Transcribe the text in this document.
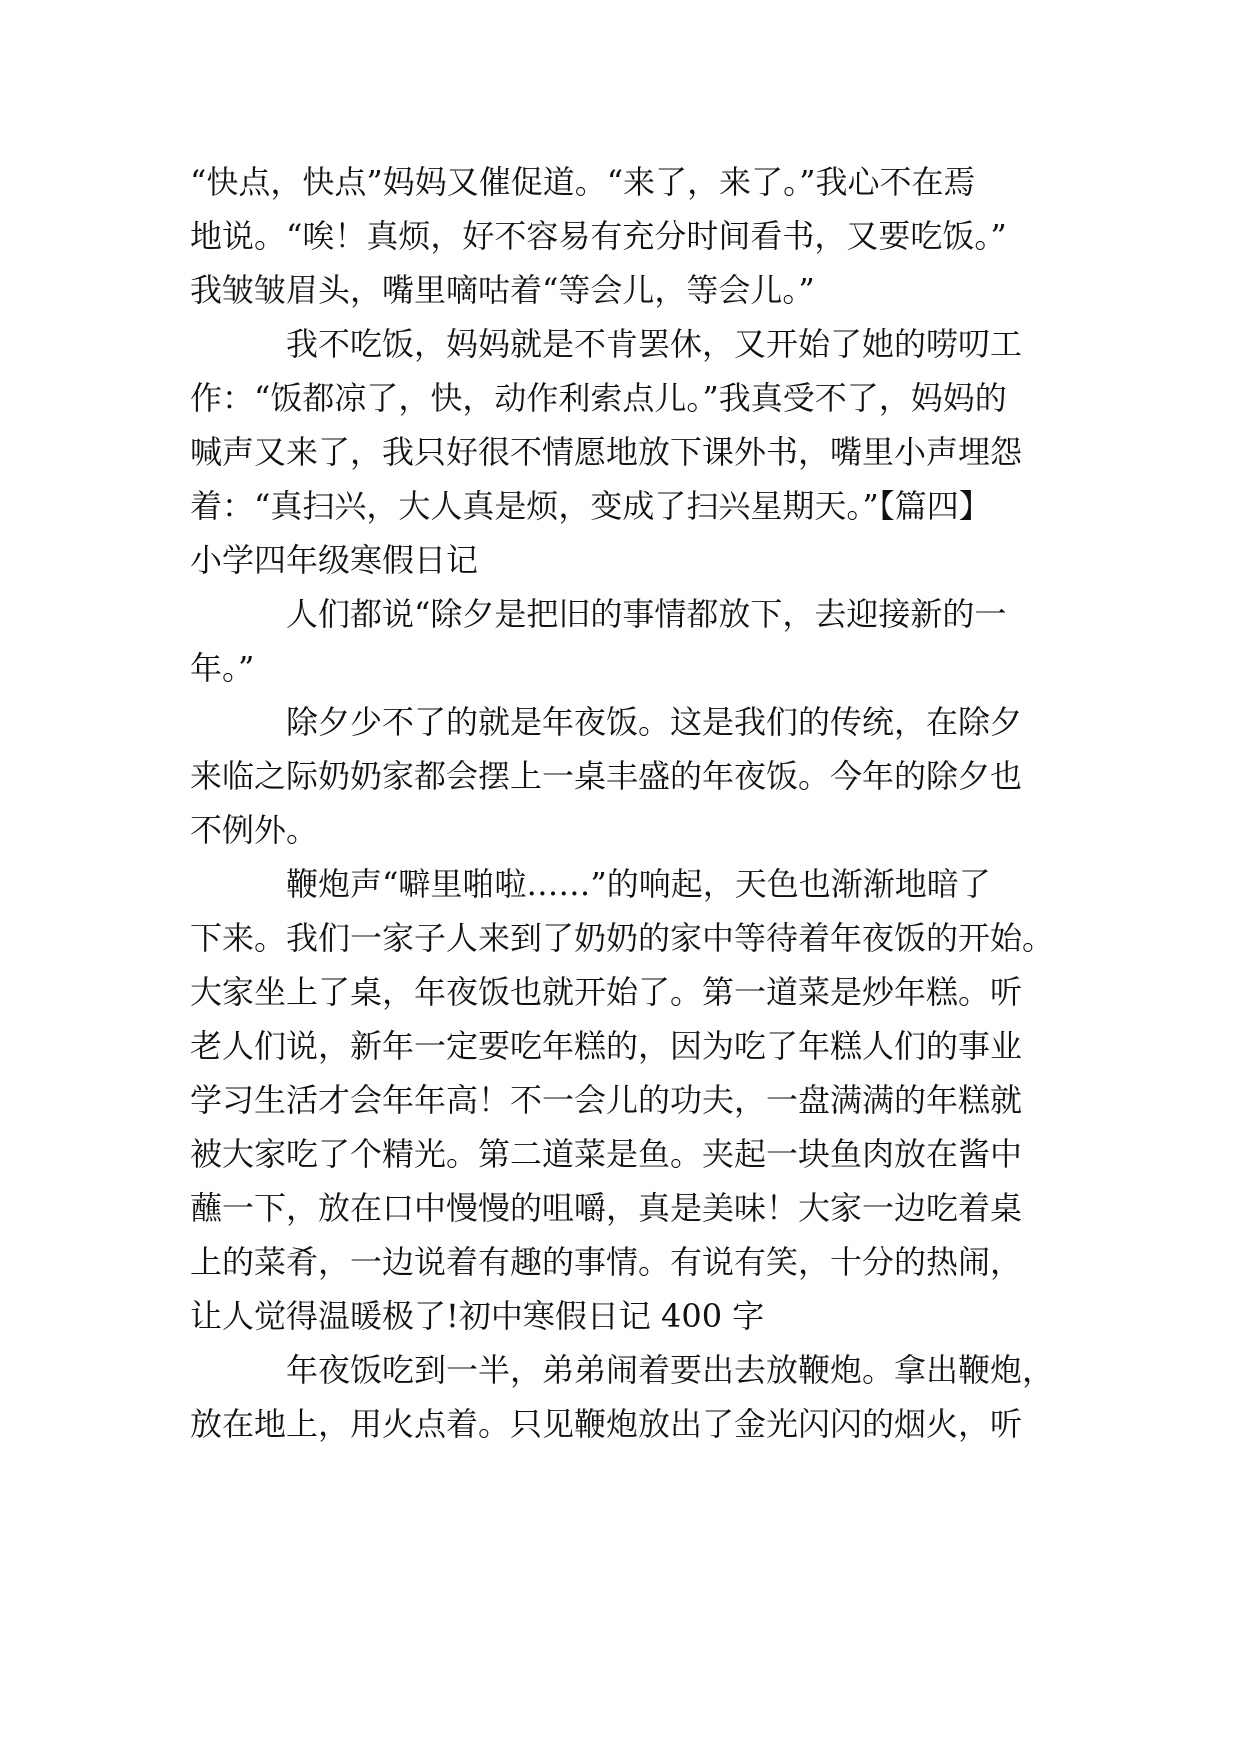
“快点，快点”妈妈又催促道。“来了，来了。”我心不在焉
地说。“唉！真烦，好不容易有充分时间看书，又要吃饭。”
我皱皱眉头，嘴里嘀咕着“等会儿，等会儿。”
我不吃饭，妈妈就是不肯罢休，又开始了她的唠叨工
作：“饭都凉了，快，动作利索点儿。”我真受不了，妈妈的
喊声又来了，我只好很不情愿地放下课外书，嘴里小声埋怨
着：“真扫兴，大人真是烦，变成了扫兴星期天。”【篇四】
小学四年级寒假日记
人们都说“除夕是把旧的事情都放下，去迎接新的一
年。”
除夕少不了的就是年夜饭。这是我们的传统，在除夕
来临之际奶奶家都会摆上一桌丰盛的年夜饭。今年的除夕也
不例外。
鞭炮声“噼里啪啦……”的响起，天色也渐渐地暗了
下来。我们一家子人来到了奶奶的家中等待着年夜饭的开始。
大家坐上了桌，年夜饭也就开始了。第一道菜是炒年糕。听
老人们说，新年一定要吃年糕的，因为吃了年糕人们的事业
学习生活才会年年高！不一会儿的功夫，一盘满满的年糕就
被大家吃了个精光。第二道菜是鱼。夹起一块鱼肉放在酱中
蘸一下，放在口中慢慢的咀嚼，真是美味！大家一边吃着桌
上的菜肴，一边说着有趣的事情。有说有笑，十分的热闹，
让人觉得温暖极了!初中寒假日记 400 字
年夜饭吃到一半，弟弟闹着要出去放鞭炮。拿出鞭炮，
放在地上，用火点着。只见鞭炮放出了金光闪闪的烟火，听
